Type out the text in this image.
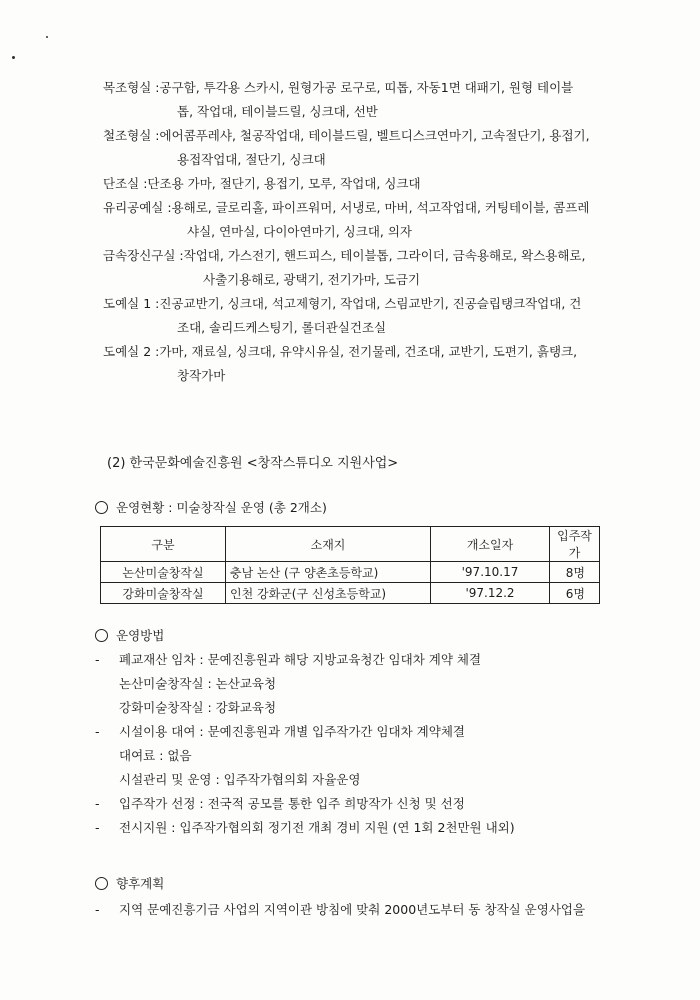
목조형실 : 공구함, 투각용 스카시, 원형가공 로구로, 띠톱, 자동1면 대패기, 원형 테이블
톱, 작업대, 테이블드릴, 싱크대, 선반
철조형실 : 에어콤푸레샤, 철공작업대, 테이블드릴, 벨트디스크연마기, 고속절단기, 용접기,
용접작업대, 절단기, 싱크대
단조실 : 단조용 가마, 절단기, 용접기, 모루, 작업대, 싱크대
유리공예실 : 용해로, 글로리홀, 파이프워머, 서냉로, 마버, 석고작업대, 커팅테이블, 콤프레
샤실, 연마실, 다이아연마기, 싱크대, 의자
금속장신구실 : 작업대, 가스전기, 핸드피스, 테이블톱, 그라이더, 금속용해로, 왁스용해로,
사출기용해로, 광택기, 전기가마, 도금기
도예실 1 : 진공교반기, 싱크대, 석고제형기, 작업대, 스림교반기, 진공슬립탱크작업대, 건
조대, 솔리드케스팅기, 롤더관실건조실
도예실 2 : 가마, 재료실, 싱크대, 유약시유실, 전기물레, 건조대, 교반기, 도편기, 흙탱크,
창작가마
(2) 한국문화예술진흥원 <창작스튜디오 지원사업>
운영현황 : 미술창작실 운영 (총 2개소)
구분	소재지	개소일자	입주작가
논산미술창작실	충남 논산 (구 양촌초등학교)	'97.10.17	8명
강화미술창작실	인천 강화군(구 신성초등학교)	'97.12.2	6명
운영방법
-	폐교재산 임차 : 문예진흥원과 해당 지방교육청간 임대차 계약 체결
논산미술창작실 : 논산교육청
강화미술창작실 : 강화교육청
-	시설이용 대여 : 문예진흥원과 개별 입주작가간 임대차 계약체결
대여료 : 없음
시설관리 및 운영 : 입주작가협의회 자율운영
-	입주작가 선정 : 전국적 공모를 통한 입주 희망작가 신청 및 선정
-	전시지원 : 입주작가협의회 정기전 개최 경비 지원 (연 1회 2천만원 내외)
향후계획
-	지역 문예진흥기금 사업의 지역이관 방침에 맞춰 2000년도부터 동 창작실 운영사업을
